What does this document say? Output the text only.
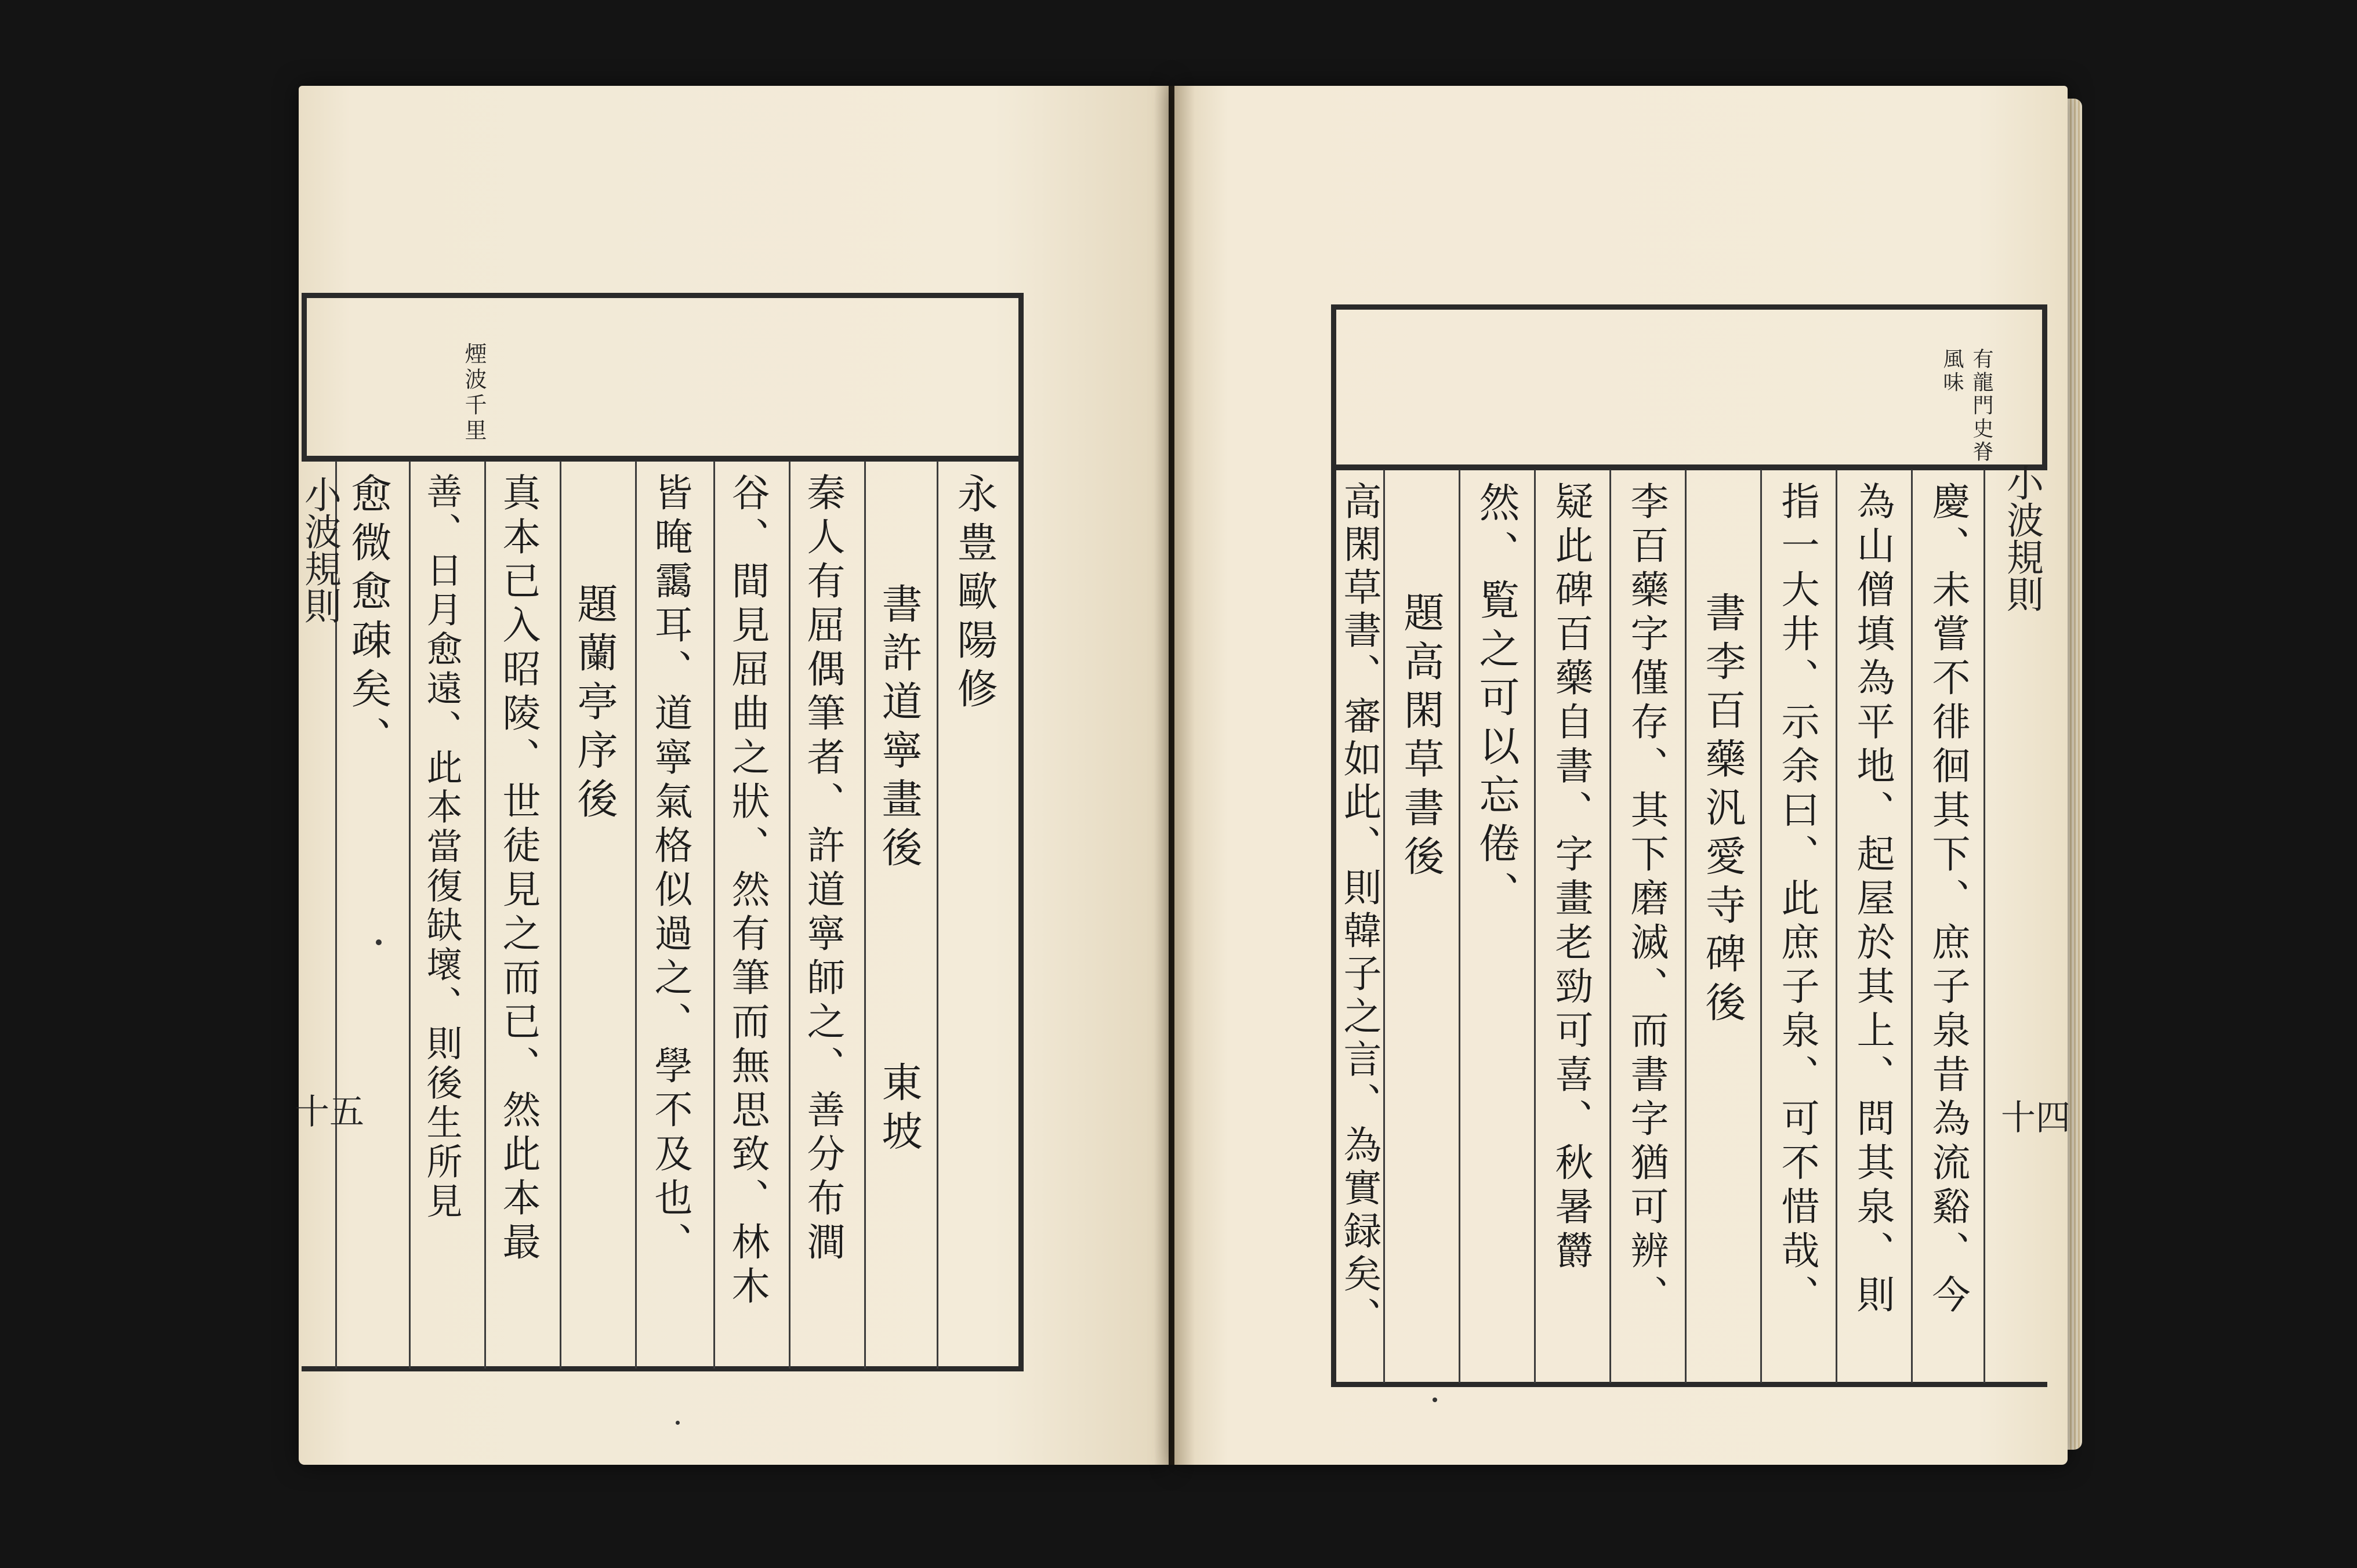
煙波千里
永豊歐陽修
書許道寧畫後
東坡
秦人有屈偶筆者、許道寧師之、善分布澗
谷、間見屈曲之狀、然有筆而無思致、林木
皆晻靄耳、道寧氣格似過之、學不及也、
題蘭亭序後
真本已入昭陵、世徒見之而已、然此本最
善、日月愈遠、此本當復缺壞、則後生所見
愈微愈疎矣、
小波規則
十五
有龍門史脊風味
慶、未嘗不徘徊其下、庶子泉昔為流谿、今
為山僧填為平地、起屋於其上、問其泉、則
指一大井、示余曰、此庶子泉、可不惜哉、
書李百藥汎愛寺碑後
李百藥字僅存、其下磨滅、而書字猶可辨、
疑此碑百藥自書、字畫老勁可喜、秋暑欝
然、覧之可以忘倦、
題高閑草書後
高閑草書、審如此、則韓子之言、為實録矣、	小波規則
十四
